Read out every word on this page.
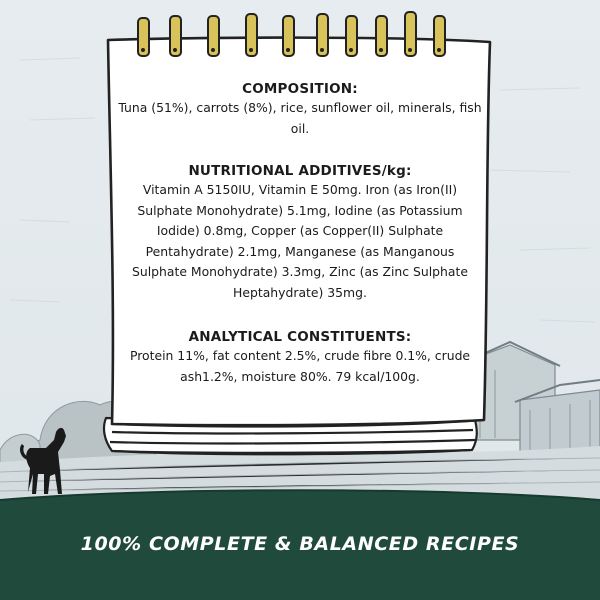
COMPOSITION:

Tuna (51%), carrots (8%), rice, sunflower oil, minerals, fish oil.

NUTRITIONAL ADDITIVES/kg:

Vitamin A 5150IU, Vitamin E 50mg. Iron (as Iron(II) Sulphate Monohydrate) 5.1mg, Iodine (as Potassium Iodide) 0.8mg, Copper (as Copper(II) Sulphate Pentahydrate) 2.1mg, Manganese (as Manganous Sulphate Monohydrate) 3.3mg, Zinc (as Zinc Sulphate Heptahydrate) 35mg.

ANALYTICAL CONSTITUENTS:

Protein 11%, fat content 2.5%, crude fibre 0.1%, crude ash1.2%, moisture 80%. 79 kcal/100g.

100% COMPLETE & BALANCED RECIPES
